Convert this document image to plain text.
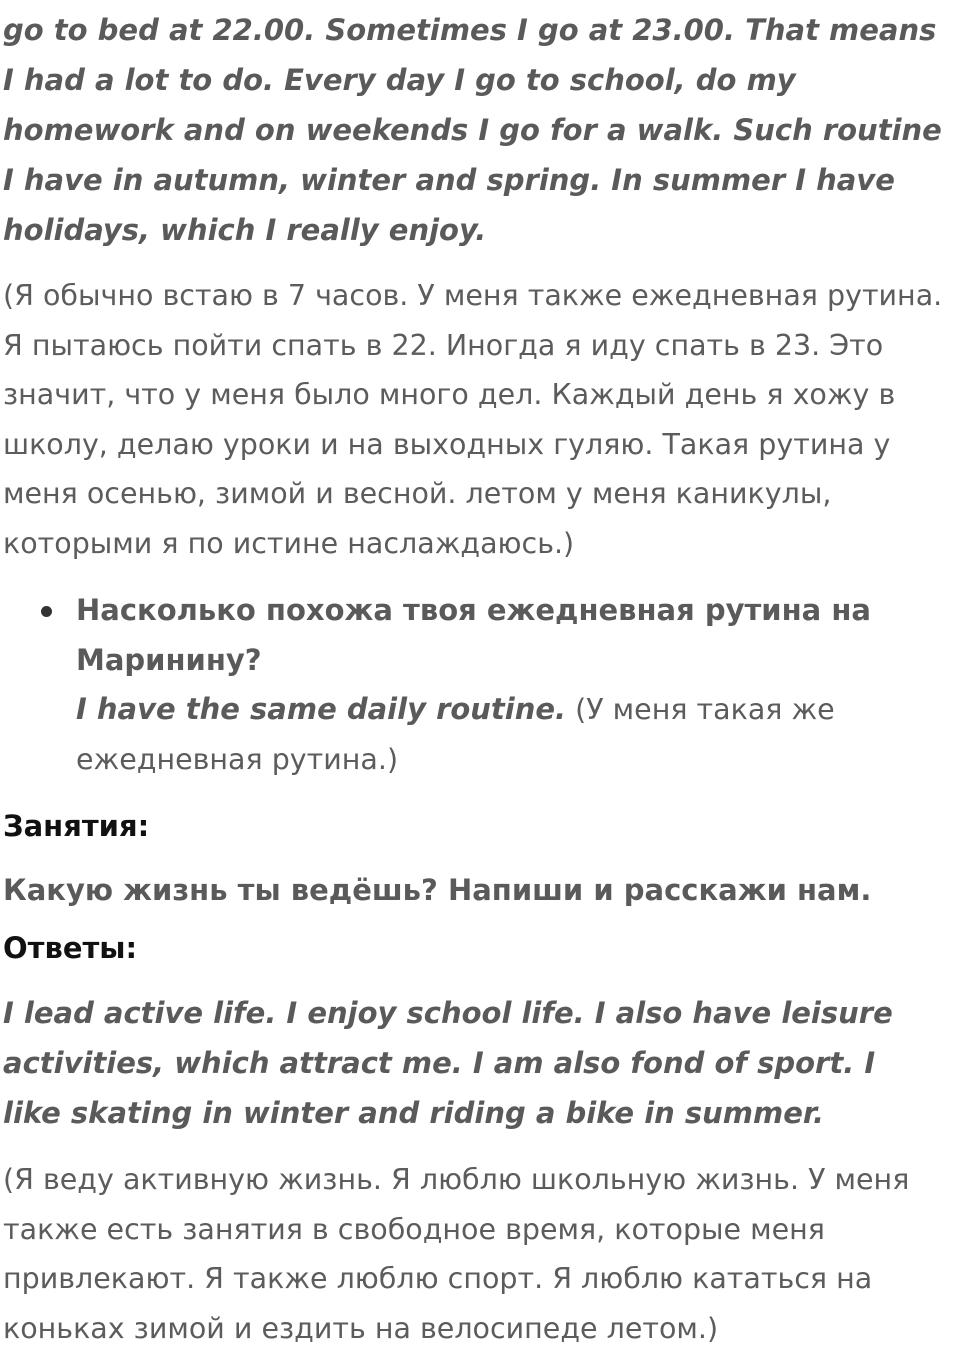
go to bed at 22.00. Sometimes I go at 23.00. That means I had a lot to do. Every day I go to school, do my homework and on weekends I go for a walk. Such routine I have in autumn, winter and spring. In summer I have holidays, which I really enjoy.

(Я обычно встаю в 7 часов. У меня также ежедневная рутина. Я пытаюсь пойти спать в 22. Иногда я иду спать в 23. Это значит, что у меня было много дел. Каждый день я хожу в школу, делаю уроки и на выходных гуляю. Такая рутина у меня осенью, зимой и весной. летом у меня каникулы, которыми я по истине наслаждаюсь.)

Насколько похожа твоя ежедневная рутина на Маринину?
I have the same daily routine. (У меня такая же ежедневная рутина.)
Занятия:
Какую жизнь ты ведёшь? Напиши и расскажи нам.
Ответы:

I lead active life. I enjoy school life. I also have leisure activities, which attract me. I am also fond of sport. I like skating in winter and riding a bike in summer.

(Я веду активную жизнь. Я люблю школьную жизнь. У меня также есть занятия в свободное время, которые меня привлекают. Я также люблю спорт. Я люблю кататься на коньках зимой и ездить на велосипеде летом.)
